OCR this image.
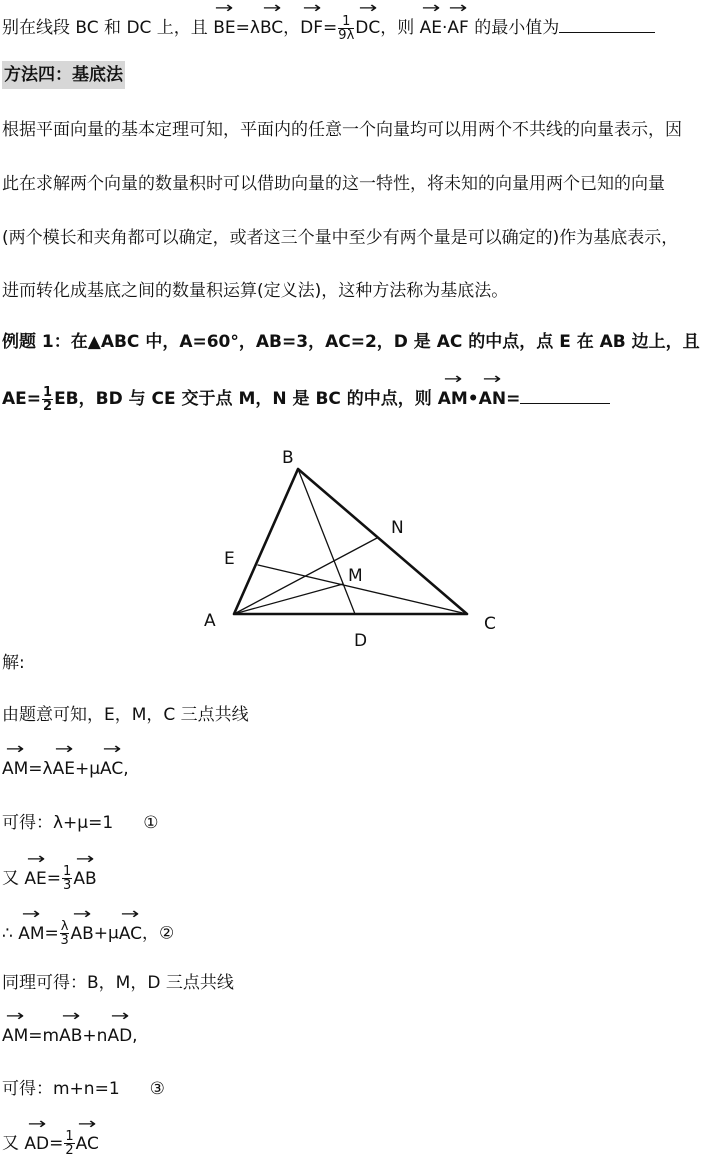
别在线段 BC 和 DC 上，且 → BE=λ→ BC，→ $DF= \frac{1}{9\lambda}$ → DC，则 → AE·→ AF 的最小值为
方法四：基底法
根据平面向量的基本定理可知，平面内的任意一个向量均可以用两个不共线的向量表示，因
此在求解两个向量的数量积时可以借助向量的这一特性，将未知的向量用两个已知的向量
(两个模长和夹角都可以确定，或者这三个量中至少有两个量是可以确定的)作为基底表示，
进而转化成基底之间的数量积运算(定义法)，这种方法称为基底法。
例题 1：在▲ABC 中，A=60°，AB=3，AC=2，D 是 AC 的中点，点 E 在 AB 边上，且
$AE= \frac{1}{2}$ EB，BD 与 CE 交于点 M，N 是 BC 的中点，则 → AM•→ AN=
B
A	C
D
E
M
N
解:
由题意可知，E，M，C 三点共线
→ AM=λ→ AE+μ→ AC,
可得：λ+μ=1 ①
又 → $AE= \frac{1}{3}$ → AB
∴ → $AM= \frac{\lambda}{3} \to AB+\mu\to$ AC，②
同理可得：B，M，D 三点共线
→ AM=m→ AB+n→ AD,
可得：m+n=1 ③
又 → $AD= \frac{1}{2}$ → AC
